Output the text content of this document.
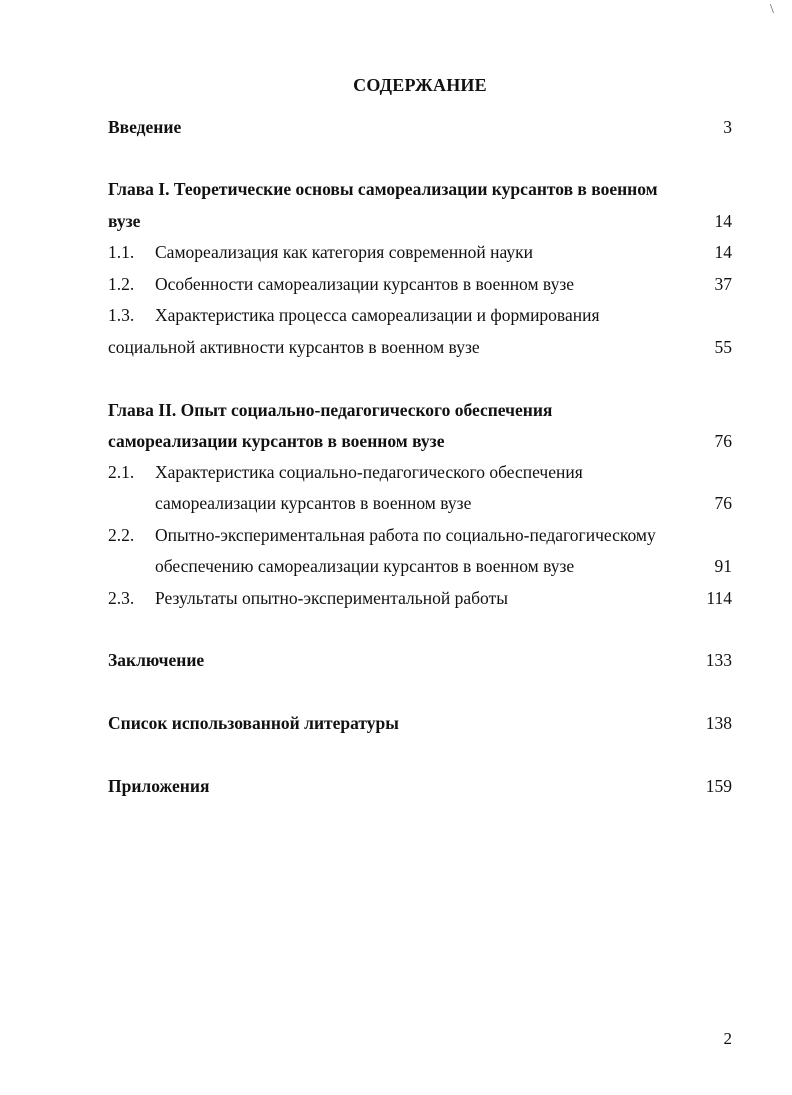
\
СОДЕРЖАНИЕ
Введение	3
Глава I. Теоретические основы самореализации курсантов в военном
вузе	14
1.1. Самореализация как категория современной науки	14
1.2. Особенности самореализации курсантов в военном вузе	37
1.3. Характеристика процесса самореализации и формирования
социальной активности курсантов в военном вузе	55
Глава II. Опыт социально-педагогического обеспечения
самореализации курсантов в военном вузе	76
2.1. Характеристика социально-педагогического обеспечения
самореализации курсантов в военном вузе	76
2.2. Опытно-экспериментальная работа по социально-педагогическому
обеспечению самореализации курсантов в военном вузе	91
2.3. Результаты опытно-экспериментальной работы	114
Заключение	133
Список использованной литературы	138
Приложения	159
2
